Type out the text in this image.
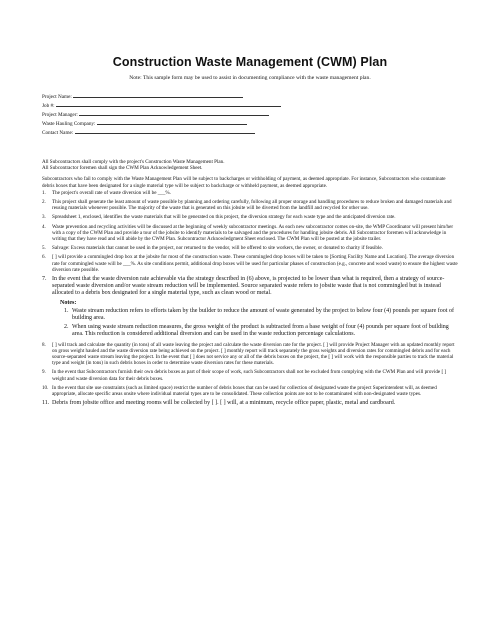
Construction Waste Management (CWM) Plan
Note: This sample form may be used to assist in documenting compliance with the waste management plan.
Project Name:
Job #:
Project Manager:
Waste Hauling Company:
Contact Name:

All Subcontractors shall comply with the project's Construction Waste Management Plan.

All Subcontractor foremen shall sign the CWM Plan Acknowledgement Sheet.

Subcontractors who fail to comply with the Waste Management Plan will be subject to backcharges or withholding of payment, as deemed appropriate. For instance, Subcontractors who contaminate debris boxes that have been designated for a single material type will be subject to backcharge or withheld payment, as deemed appropriate.

1. The project's overall rate of waste diversion will be ___%.
2. This project shall generate the least amount of waste possible by planning and ordering carefully, following all proper storage and handling procedures to reduce broken and damaged materials and reusing materials whenever possible. The majority of the waste that is generated on this jobsite will be diverted from the landfill and recycled for other use.
3. Spreadsheet 1, enclosed, identifies the waste materials that will be generated on this project, the diversion strategy for each waste type and the anticipated diversion rate.
4. Waste prevention and recycling activities will be discussed at the beginning of weekly subcontractor meetings. As each new subcontractor comes on-site, the WMP Coordinator will present him/her with a copy of the CWM Plan and provide a tour of the jobsite to identify materials to be salvaged and the procedures for handling jobsite debris. All Subcontractor foremen will acknowledge in writing that they have read and will abide by the CWM Plan. Subcontractor Acknowledgment Sheet enclosed. The CWM Plan will be posted at the jobsite trailer.
5. Salvage: Excess materials that cannot be used in the project, nor returned to the vendor, will be offered to site workers, the owner, or donated to charity if feasible.
6. [ ] will provide a commingled drop box at the jobsite for most of the construction waste. These commingled drop boxes will be taken to [Sorting Facility Name and Location]. The average diversion rate for commingled waste will be ___%. As site conditions permit, additional drop boxes will be used for particular phases of construction (e.g., concrete and wood waste) to ensure the highest waste diversion rate possible.
7. In the event that the waste diversion rate achievable via the strategy described in (6) above, is projected to be lower than what is required, then a strategy of source-separated waste diversion and/or waste stream reduction will be implemented. Source separated waste refers to jobsite waste that is not commingled but is instead allocated to a debris box designated for a single material type, such as clean wood or metal.
Notes:
1. Waste stream reduction refers to efforts taken by the builder to reduce the amount of waste generated by the project to below four (4) pounds per square foot of building area.
2. When using waste stream reduction measures, the gross weight of the product is subtracted from a base weight of four (4) pounds per square foot of building area. This reduction is considered additional diversion and can be used in the waste reduction percentage calculations.
8. [ ] will track and calculate the quantity (in tons) of all waste leaving the project and calculate the waste diversion rate for the project. [ ] will provide Project Manager with an updated monthly report on gross weight hauled and the waste diversion rate being achieved on the project. [ ] monthly report will track separately the gross weights and diversion rates for commingled debris and for each source-separated waste stream leaving the project. In the event that [ ] does not service any or all of the debris boxes on the project, the [ ] will work with the responsible parties to track the material type and weight (in tons) in such debris boxes in order to determine waste diversion rates for these materials.
9. In the event that Subcontractors furnish their own debris boxes as part of their scope of work, such Subcontractors shall not be excluded from complying with the CWM Plan and will provide [ ] weight and waste diversion data for their debris boxes.
10. In the event that site use constraints (such as limited space) restrict the number of debris boxes that can be used for collection of designated waste the project Superintendent will, as deemed appropriate, allocate specific areas onsite where individual material types are to be consolidated. These collection points are not to be contaminated with non-designated waste types.
11. Debris from jobsite office and meeting rooms will be collected by [ ]. [ ] will, at a minimum, recycle office paper, plastic, metal and cardboard.
